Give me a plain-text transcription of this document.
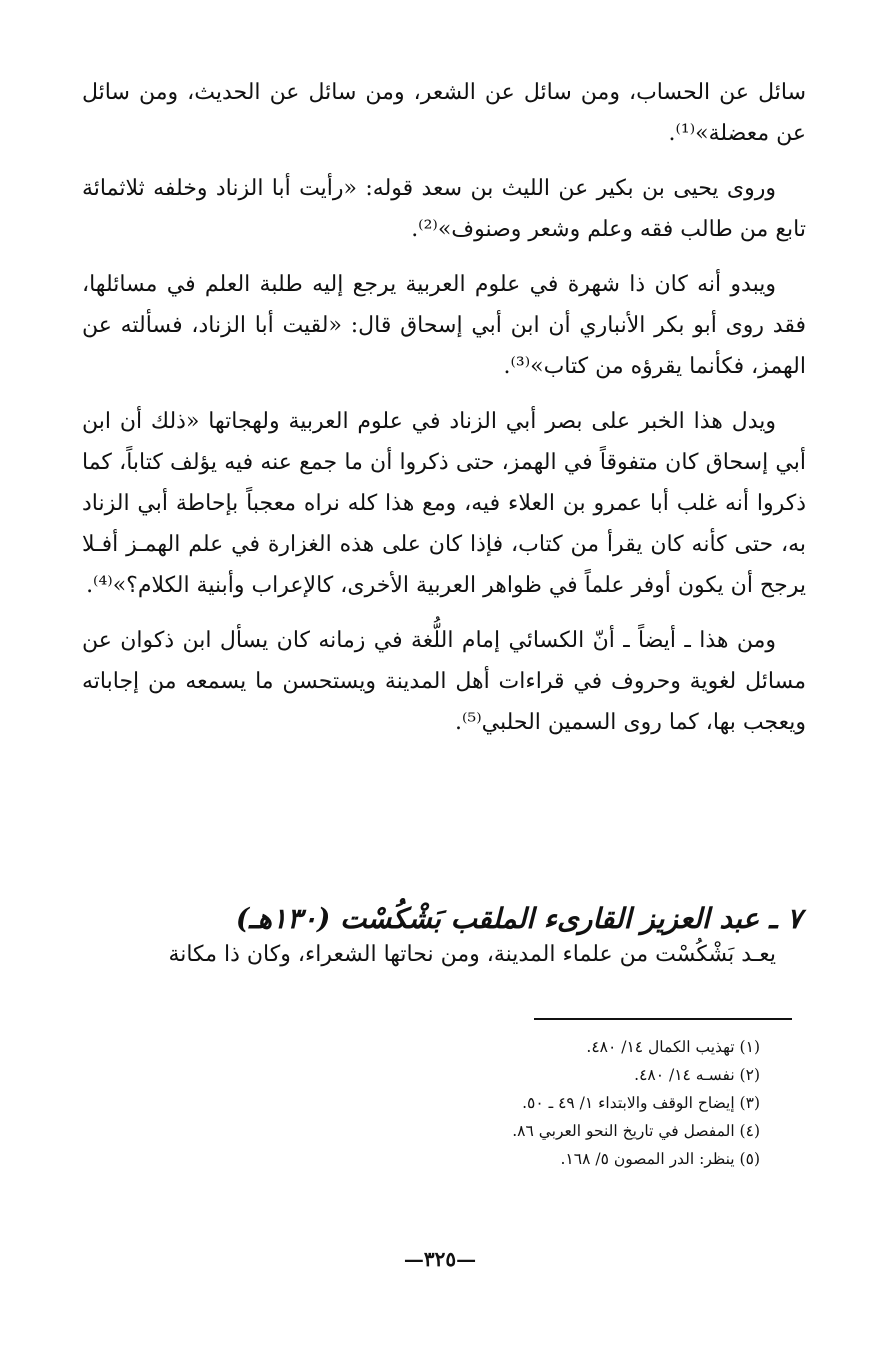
سائل عن الحساب، ومن سائل عن الشعر، ومن سائل عن الحديث، ومن سائل عن معضلة»⁽¹⁾.

وروى يحيى بن بكير عن الليث بن سعد قوله: «رأيت أبا الزناد وخلفه ثلاثمائة تابع من طالب فقه وعلم وشعر وصنوف»⁽²⁾.

ويبدو أنه كان ذا شهرة في علوم العربية يرجع إليه طلبة العلم في مسائلها، فقد روى أبو بكر الأنباري أن ابن أبي إسحاق قال: «لقيت أبا الزناد، فسألته عن الهمز، فكأنما يقرؤه من كتاب»⁽³⁾.

ويدل هذا الخبر على بصر أبي الزناد في علوم العربية ولهجاتها «ذلك أن ابن أبي إسحاق كان متفوقاً في الهمز، حتى ذكروا أن ما جمع عنه فيه يؤلف كتاباً، كما ذكروا أنه غلب أبا عمرو بن العلاء فيه، ومع هذا كله نراه معجباً بإحاطة أبي الزناد به، حتى كأنه كان يقرأ من كتاب، فإذا كان على هذه الغزارة في علم الهمـز أفـلا يرجح أن يكون أوفر علماً في ظواهر العربية الأخرى، كالإعراب وأبنية الكلام؟»⁽⁴⁾.

ومن هذا ـ أيضاً ـ أنّ الكسائي إمام اللُّغة في زمانه كان يسأل ابن ذكوان عن مسائل لغوية وحروف في قراءات أهل المدينة ويستحسن ما يسمعه من إجاباته ويعجب بها، كما روى السمين الحلبي⁽⁵⁾.

٧ ـ عبد العزيز القارىء الملقب بَشْكُسْت (١٣٠هـ)

يعـد بَشْكُسْت من علماء المدينة، ومن نحاتها الشعراء، وكان ذا مكانة

(١) تهذيب الكمال ١٤/ ٤٨٠.
(٢) نفسـه ١٤/ ٤٨٠.
(٣) إيضاح الوقف والابتداء ١/ ٤٩ ـ ٥٠.
(٤) المفصل في تاريخ النحو العربي ٨٦.
(٥) ينظر: الدر المصون ٥/ ١٦٨.
—٣٢٥—
